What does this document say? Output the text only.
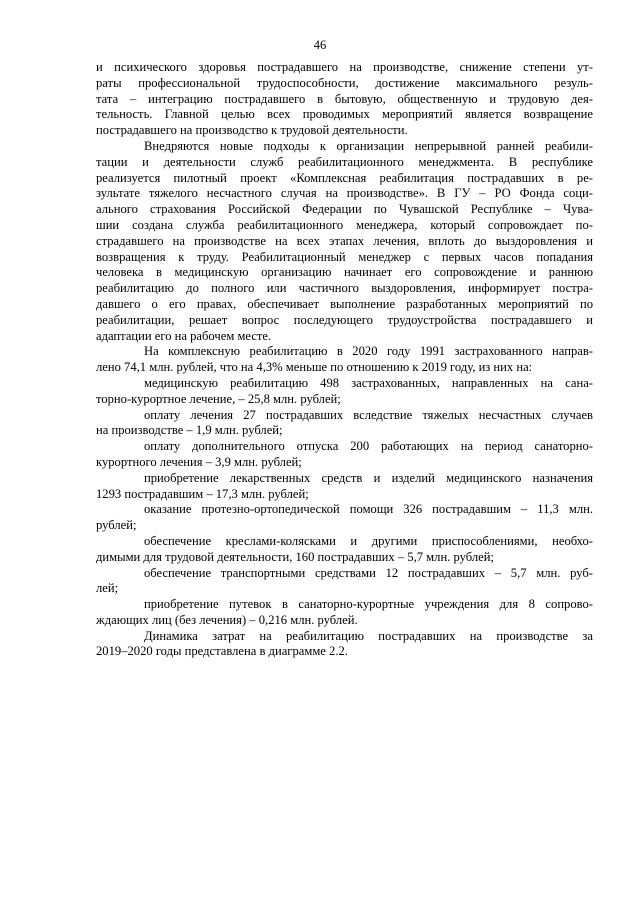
46
и психического здоровья пострадавшего на производстве, снижение степени ут-
раты профессиональной трудоспособности, достижение максимального резуль-
тата – интеграцию пострадавшего в бытовую, общественную и трудовую дея-
тельность. Главной целью всех проводимых мероприятий является возвращение
пострадавшего на производство к трудовой деятельности.
Внедряются новые подходы к организации непрерывной ранней реабили-
тации и деятельности служб реабилитационного менеджмента. В республике
реализуется пилотный проект «Комплексная реабилитация пострадавших в ре-
зультате тяжелого несчастного случая на производстве». В ГУ – РО Фонда соци-
ального страхования Российской Федерации по Чувашской Республике – Чува-
шии создана служба реабилитационного менеджера, который сопровождает по-
страдавшего на производстве на всех этапах лечения, вплоть до выздоровления и
возвращения к труду. Реабилитационный менеджер с первых часов попадания
человека в медицинскую организацию начинает его сопровождение и раннюю
реабилитацию до полного или частичного выздоровления, информирует постра-
давшего о его правах, обеспечивает выполнение разработанных мероприятий по
реабилитации, решает вопрос последующего трудоустройства пострадавшего и
адаптации его на рабочем месте.
На комплексную реабилитацию в 2020 году 1991 застрахованного направ-
лено 74,1 млн. рублей, что на 4,3% меньше по отношению к 2019 году, из них на:
медицинскую реабилитацию 498 застрахованных, направленных на сана-
торно-курортное лечение, – 25,8 млн. рублей;
оплату лечения 27 пострадавших вследствие тяжелых несчастных случаев
на производстве – 1,9 млн. рублей;
оплату дополнительного отпуска 200 работающих на период санаторно-
курортного лечения – 3,9 млн. рублей;
приобретение лекарственных средств и изделий медицинского назначения
1293 пострадавшим – 17,3 млн. рублей;
оказание протезно-ортопедической помощи 326 пострадавшим – 11,3 млн.
рублей;
обеспечение креслами-колясками и другими приспособлениями, необхо-
димыми для трудовой деятельности, 160 пострадавших – 5,7 млн. рублей;
обеспечение транспортными средствами 12 пострадавших – 5,7 млн. руб-
лей;
приобретение путевок в санаторно-курортные учреждения для 8 сопрово-
ждающих лиц (без лечения) – 0,216 млн. рублей.
Динамика затрат на реабилитацию пострадавших на производстве за
2019–2020 годы представлена в диаграмме 2.2.
